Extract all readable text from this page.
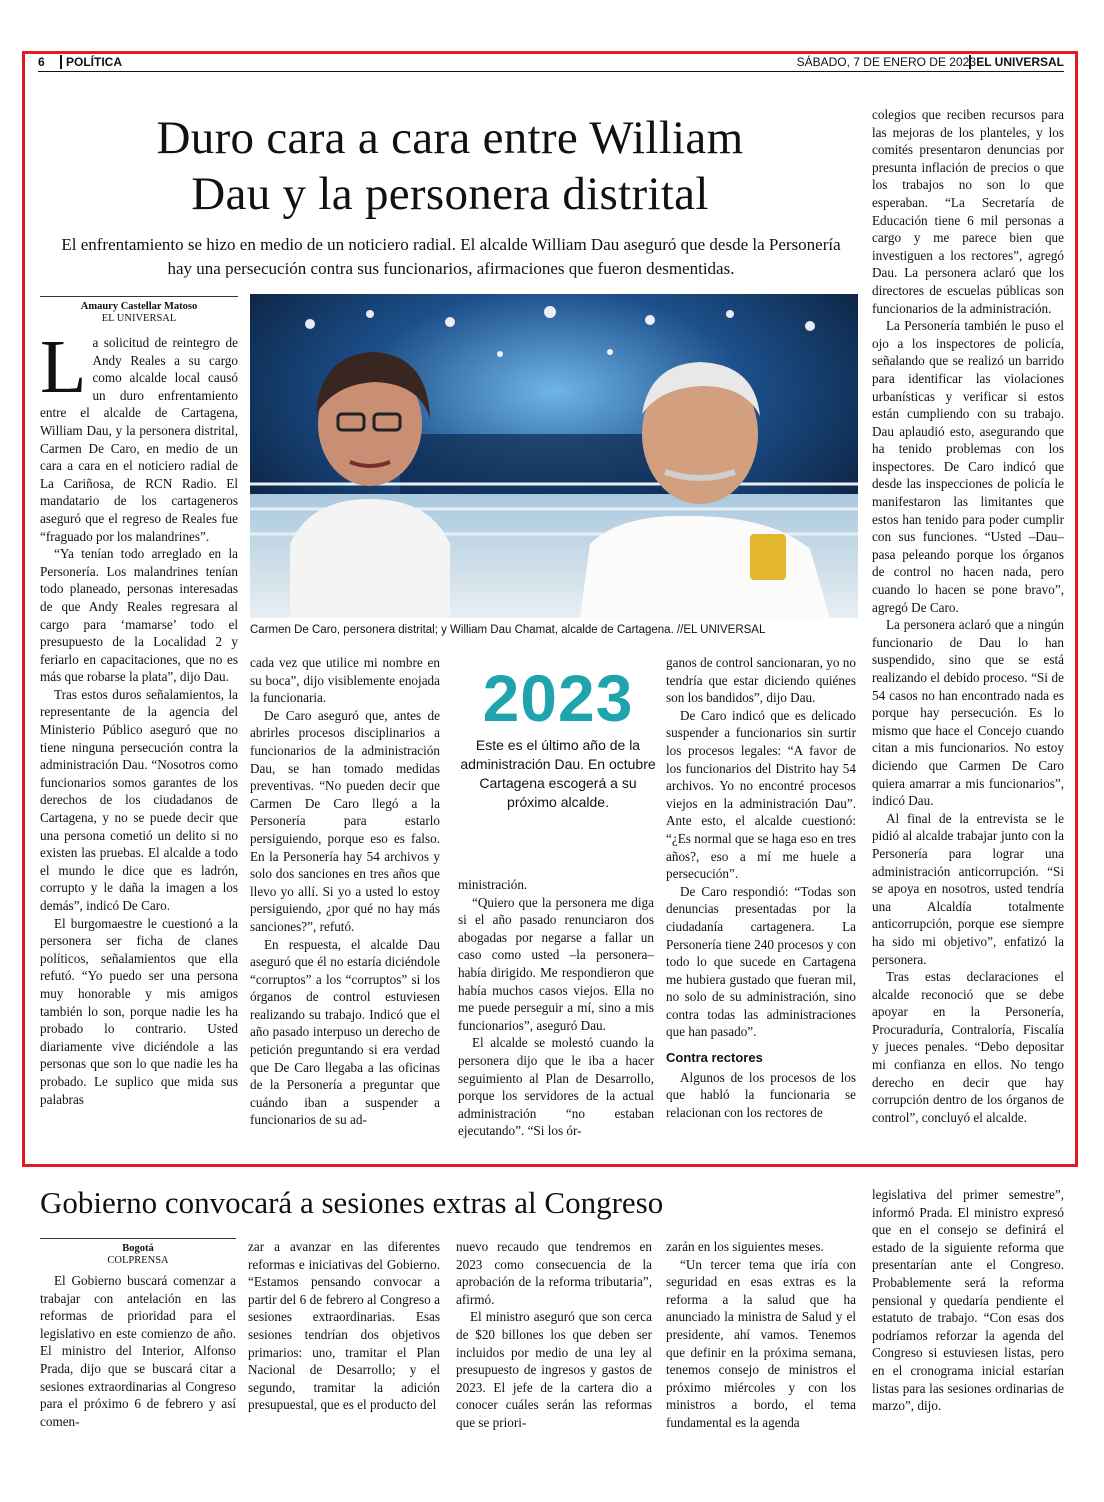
6	POLÍTICA	SÁBADO, 7 DE ENERO DE 2023 EL UNIVERSAL
Duro cara a cara entre William
Dau y la personera distrital
El enfrentamiento se hizo en medio de un noticiero radial. El alcalde William Dau aseguró que desde la Personería hay una persecución contra sus funcionarios, afirmaciones que fueron desmentidas.
Amaury Castellar Matoso
EL UNIVERSAL

La solicitud de reintegro de Andy Reales a su cargo como alcalde local causó un duro enfrentamiento entre el alcalde de Cartagena, William Dau, y la personera distrital, Carmen De Caro, en medio de un cara a cara en el noticiero radial de La Cariñosa, de RCN Radio. El mandatario de los cartageneros aseguró que el regreso de Reales fue “fraguado por los malandrines”.

“Ya tenían todo arreglado en la Personería. Los malandrines tenían todo planeado, personas interesadas de que Andy Reales regresara al cargo para ‘mamarse’ todo el presupuesto de la Localidad 2 y feriarlo en capacitaciones, que no es más que robarse la plata”, dijo Dau.

Tras estos duros señalamientos, la representante de la agencia del Ministerio Público aseguró que no tiene ninguna persecución contra la administración Dau. “Nosotros como funcionarios somos garantes de los derechos de los ciudadanos de Cartagena, y no se puede decir que una persona cometió un delito si no existen las pruebas. El alcalde a todo el mundo le dice que es ladrón, corrupto y le daña la imagen a los demás”, indicó De Caro.

El burgomaestre le cuestionó a la personera ser ficha de clanes políticos, señalamientos que ella refutó. “Yo puedo ser una persona muy honorable y mis amigos también lo son, porque nadie les ha probado lo contrario. Usted diariamente vive diciéndole a las personas que son lo que nadie les ha probado. Le suplico que mida sus palabras

Carmen De Caro, personera distrital; y William Dau Chamat, alcalde de Cartagena. //EL UNIVERSAL

cada vez que utilice mi nombre en su boca”, dijo visiblemente enojada la funcionaria.

De Caro aseguró que, antes de abrirles procesos disciplinarios a funcionarios de la administración Dau, se han tomado medidas preventivas. “No pueden decir que Carmen De Caro llegó a la Personería para estarlo persiguiendo, porque eso es falso. En la Personería hay 54 archivos y solo dos sanciones en tres años que llevo yo allí. Si yo a usted lo estoy persiguiendo, ¿por qué no hay más sanciones?”, refutó.

En respuesta, el alcalde Dau aseguró que él no estaría diciéndole “corruptos” a los “corruptos” si los órganos de control estuviesen realizando su trabajo. Indicó que el año pasado interpuso un derecho de petición preguntando si era verdad que De Caro llegaba a las oficinas de la Personería a preguntar que cuándo iban a suspender a funcionarios de su ad-

2023
Este es el último año de la administración Dau. En octubre Cartagena escogerá a su próximo alcalde.

ministración.

“Quiero que la personera me diga si el año pasado renunciaron dos abogadas por negarse a fallar un caso como usted –la personera– había dirigido. Me respondieron que había muchos casos viejos. Ella no me puede perseguir a mí, sino a mis funcionarios”, aseguró Dau.

El alcalde se molestó cuando la personera dijo que le iba a hacer seguimiento al Plan de Desarrollo, porque los servidores de la actual administración “no estaban ejecutando”. “Si los ór-

ganos de control sancionaran, yo no tendría que estar diciendo quiénes son los bandidos”, dijo Dau.

De Caro indicó que es delicado suspender a funcionarios sin surtir los procesos legales: “A favor de los funcionarios del Distrito hay 54 archivos. Yo no encontré procesos viejos en la administración Dau”. Ante esto, el alcalde cuestionó: “¿Es normal que se haga eso en tres años?, eso a mí me huele a persecución”.

De Caro respondió: “Todas son denuncias presentadas por la ciudadanía cartagenera. La Personería tiene 240 procesos y con todo lo que sucede en Cartagena me hubiera gustado que fueran mil, no solo de su administración, sino contra todas las administraciones que han pasado”.

Contra rectores

Algunos de los procesos de los que habló la funcionaria se relacionan con los rectores de

colegios que reciben recursos para las mejoras de los planteles, y los comités presentaron denuncias por presunta inflación de precios o que los trabajos no son lo que esperaban. “La Secretaría de Educación tiene 6 mil personas a cargo y me parece bien que investiguen a los rectores”, agregó Dau. La personera aclaró que los directores de escuelas públicas son funcionarios de la administración.

La Personería también le puso el ojo a los inspectores de policía, señalando que se realizó un barrido para identificar las violaciones urbanísticas y verificar si estos están cumpliendo con su trabajo. Dau aplaudió esto, asegurando que ha tenido problemas con los inspectores. De Caro indicó que desde las inspecciones de policía le manifestaron las limitantes que estos han tenido para poder cumplir con sus funciones. “Usted –Dau– pasa peleando porque los órganos de control no hacen nada, pero cuando lo hacen se pone bravo”, agregó De Caro.

La personera aclaró que a ningún funcionario de Dau lo han suspendido, sino que se está realizando el debido proceso. “Si de 54 casos no han encontrado nada es porque hay persecución. Es lo mismo que hace el Concejo cuando citan a mis funcionarios. No estoy diciendo que Carmen De Caro quiera amarrar a mis funcionarios”, indicó Dau.

Al final de la entrevista se le pidió al alcalde trabajar junto con la Personería para lograr una administración anticorrupción. “Si se apoya en nosotros, usted tendría una Alcaldía totalmente anticorrupción, porque ese siempre ha sido mi objetivo”, enfatizó la personera.

Tras estas declaraciones el alcalde reconoció que se debe apoyar en la Personería, Procuraduría, Contraloría, Fiscalía y jueces penales. “Debo depositar mi confianza en ellos. No tengo derecho en decir que hay corrupción dentro de los órganos de control”, concluyó el alcalde.

Gobierno convocará a sesiones extras al Congreso
Bogotá
COLPRENSA

El Gobierno buscará comenzar a trabajar con antelación en las reformas de prioridad para el legislativo en este comienzo de año. El ministro del Interior, Alfonso Prada, dijo que se buscará citar a sesiones extraordinarias al Congreso para el próximo 6 de febrero y así comen-

zar a avanzar en las diferentes reformas e iniciativas del Gobierno. “Estamos pensando convocar a partir del 6 de febrero al Congreso a sesiones extraordinarias. Esas sesiones tendrían dos objetivos primarios: uno, tramitar el Plan Nacional de Desarrollo; y el segundo, tramitar la adición presupuestal, que es el producto del

nuevo recaudo que tendremos en 2023 como consecuencia de la aprobación de la reforma tributaria”, afirmó.

El ministro aseguró que son cerca de $20 billones los que deben ser incluidos por medio de una ley al presupuesto de ingresos y gastos de 2023. El jefe de la cartera dio a conocer cuáles serán las reformas que se priori-

zarán en los siguientes meses.

“Un tercer tema que iría con seguridad en esas extras es la reforma a la salud que ha anunciado la ministra de Salud y el presidente, ahí vamos. Tenemos que definir en la próxima semana, tenemos consejo de ministros el próximo miércoles y con los ministros a bordo, el tema fundamental es la agenda

legislativa del primer semestre”, informó Prada. El ministro expresó que en el consejo se definirá el estado de la siguiente reforma que presentarían ante el Congreso. Probablemente será la reforma pensional y quedaría pendiente el estatuto de trabajo. “Con esas dos podríamos reforzar la agenda del Congreso si estuviesen listas, pero en el cronograma inicial estarían listas para las sesiones ordinarias de marzo”, dijo.
